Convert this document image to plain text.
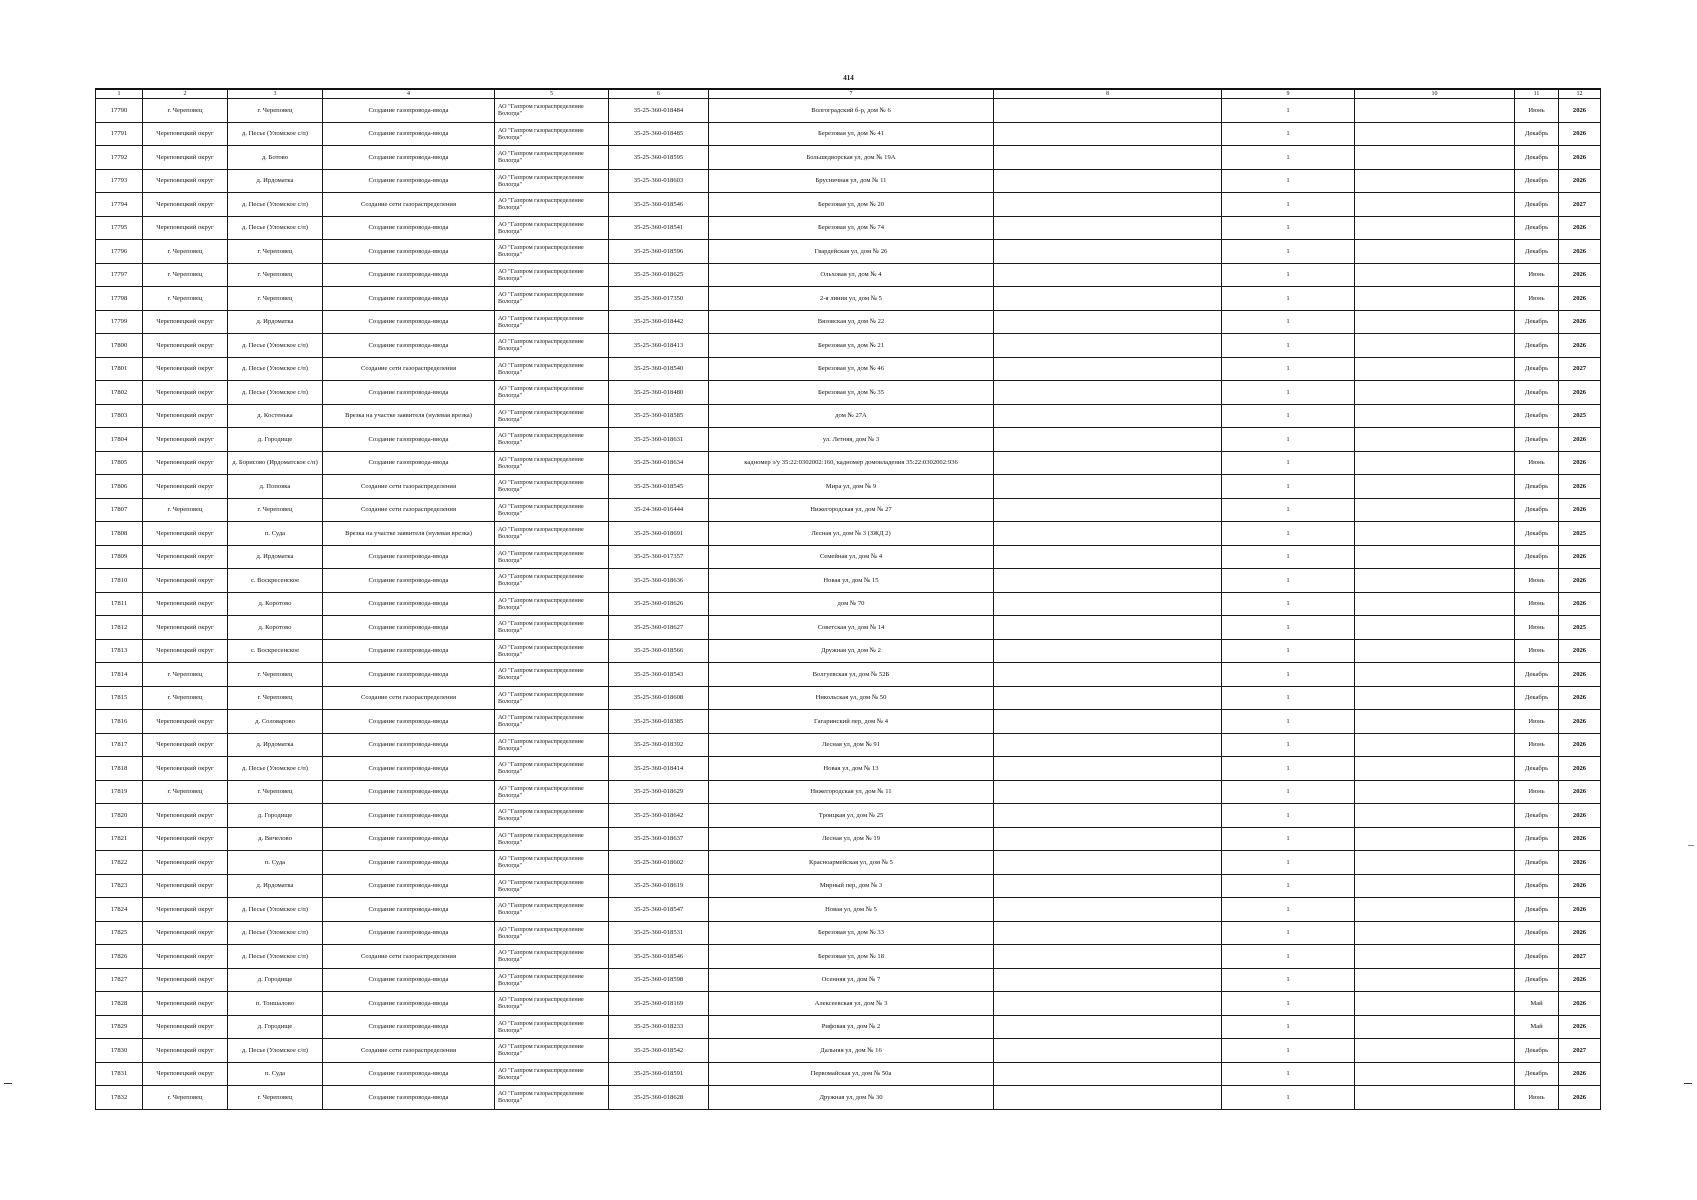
414
1	2	3	4	5	6	7	8	9	10	11	12
17790	г. Череповец	г. Череповец	Создание газопровода-ввода	АО "Газпром газораспределение Вологда"	35-25-360-018484	Волгоградский б-р, дом № 6		1		Июнь	2026
17791	Череповецкий округ	д. Песье (Уломское с/п)	Создание газопровода-ввода	АО "Газпром газораспределение Вологда"	35-25-360-018485	Березовая ул, дом № 41		1		Декабрь	2026
17792	Череповецкий округ	д. Ботово	Создание газопровода-ввода	АО "Газпром газораспределение Вологда"	35-25-360-018595	Большедворская ул, дом № 19А		1		Декабрь	2026
17793	Череповецкий округ	д. Ирдоматка	Создание газопровода-ввода	АО "Газпром газораспределение Вологда"	35-25-360-018603	Брусничная ул, дом № 11		1		Декабрь	2026
17794	Череповецкий округ	д. Песье (Уломское с/п)	Создание сети газораспределения	АО "Газпром газораспределение Вологда"	35-25-360-018546	Березовая ул, дом № 20		1		Декабрь	2027
17795	Череповецкий округ	д. Песье (Уломское с/п)	Создание газопровода-ввода	АО "Газпром газораспределение Вологда"	35-25-360-018541	Березовая ул, дом № 74		1		Декабрь	2026
17796	г. Череповец	г. Череповец	Создание газопровода-ввода	АО "Газпром газораспределение Вологда"	35-25-360-018596	Гвардейская ул, дом № 26		1		Декабрь	2026
17797	г. Череповец	г. Череповец	Создание газопровода-ввода	АО "Газпром газораспределение Вологда"	35-25-360-018625	Ольховая ул, дом № 4		1		Июнь	2026
17798	г. Череповец	г. Череповец	Создание газопровода-ввода	АО "Газпром газораспределение Вологда"	35-25-360-017350	2-я линия ул, дом № 5		1		Июнь	2026
17799	Череповецкий округ	д. Ирдоматка	Создание газопровода-ввода	АО "Газпром газораспределение Вологда"	35-25-360-018442	Вязовская ул, дом № 22		1		Декабрь	2026
17800	Череповецкий округ	д. Песье (Уломское с/п)	Создание газопровода-ввода	АО "Газпром газораспределение Вологда"	35-25-360-018413	Березовая ул, дом № 21		1		Декабрь	2026
17801	Череповецкий округ	д. Песье (Уломское с/п)	Создание сети газораспределения	АО "Газпром газораспределение Вологда"	35-25-360-018540	Березовая ул, дом № 46		1		Декабрь	2027
17802	Череповецкий округ	д. Песье (Уломское с/п)	Создание газопровода-ввода	АО "Газпром газораспределение Вологда"	35-25-360-018480	Березовая ул, дом № 35		1		Декабрь	2026
17803	Череповецкий округ	д. Костенька	Врезка на участке заявителя (нулевая врезка)	АО "Газпром газораспределение Вологда"	35-25-360-018585	дом № 27А		1		Декабрь	2025
17804	Череповецкий округ	д. Городище	Создание газопровода-ввода	АО "Газпром газораспределение Вологда"	35-25-360-018631	ул. Летняя, дом № 3		1		Декабрь	2026
17805	Череповецкий округ	д. Борисово (Ирдоматское с/п)	Создание газопровода-ввода	АО "Газпром газораспределение Вологда"	35-25-360-018634	кадномер з/у 35:22:0302002:160, кадномер домовладения 35:22:0302002:936		1		Июнь	2026
17806	Череповецкий округ	д. Поповка	Создание сети газораспределения	АО "Газпром газораспределение Вологда"	35-25-360-018545	Мира ул, дом № 9		1		Декабрь	2026
17807	г. Череповец	г. Череповец	Создание сети газораспределения	АО "Газпром газораспределение Вологда"	35-24-360-016444	Нижегородская ул, дом № 27		1		Декабрь	2026
17808	Череповецкий округ	п. Суда	Врезка на участке заявителя (нулевая врезка)	АО "Газпром газораспределение Вологда"	35-25-360-018691	Лесная ул, дом № 3 (ЗЖД 2)		1		Декабрь	2025
17809	Череповецкий округ	д. Ирдоматка	Создание газопровода-ввода	АО "Газпром газораспределение Вологда"	35-25-360-017357	Семейная ул, дом № 4		1		Декабрь	2026
17810	Череповецкий округ	с. Воскресенское	Создание газопровода-ввода	АО "Газпром газораспределение Вологда"	35-25-360-018636	Новая ул, дом № 15		1		Июнь	2026
17811	Череповецкий округ	д. Коротово	Создание газопровода-ввода	АО "Газпром газораспределение Вологда"	35-25-360-018626	дом № 70		1		Июнь	2026
17812	Череповецкий округ	д. Коротово	Создание газопровода-ввода	АО "Газпром газораспределение Вологда"	35-25-360-018627	Советская ул, дом № 14		1		Июнь	2025
17813	Череповецкий округ	с. Воскресенское	Создание газопровода-ввода	АО "Газпром газораспределение Вологда"	35-25-360-018566	Дружная ул, дом № 2		1		Июнь	2026
17814	г. Череповец	г. Череповец	Создание газопровода-ввода	АО "Газпром газораспределение Вологда"	35-25-360-018543	Волгуевская ул, дом № 52Б		1		Декабрь	2026
17815	г. Череповец	г. Череповец	Создание сети газораспределения	АО "Газпром газораспределение Вологда"	35-25-360-018608	Никольская ул, дом № 50		1		Декабрь	2026
17816	Череповецкий округ	д. Соловарово	Создание газопровода-ввода	АО "Газпром газораспределение Вологда"	35-25-360-018385	Гагаринский пер, дом № 4		1		Июнь	2026
17817	Череповецкий округ	д. Ирдоматка	Создание газопровода-ввода	АО "Газпром газораспределение Вологда"	35-25-360-018392	Лесная ул, дом № 91		1		Июнь	2026
17818	Череповецкий округ	д. Песье (Уломское с/п)	Создание газопровода-ввода	АО "Газпром газораспределение Вологда"	35-25-360-018414	Новая ул, дом № 13		1		Декабрь	2026
17819	г. Череповец	г. Череповец	Создание газопровода-ввода	АО "Газпром газораспределение Вологда"	35-25-360-018629	Нижегородская ул, дом № 11		1		Июнь	2026
17820	Череповецкий округ	д. Городище	Создание газопровода-ввода	АО "Газпром газораспределение Вологда"	35-25-360-018642	Троицкая ул, дом № 25		1		Декабрь	2026
17821	Череповецкий округ	д. Вичелово	Создание газопровода-ввода	АО "Газпром газораспределение Вологда"	35-25-360-018637	Лесная ул, дом № 19		1		Декабрь	2026
17822	Череповецкий округ	п. Суда	Создание газопровода-ввода	АО "Газпром газораспределение Вологда"	35-25-360-018602	Красноармейская ул, дом № 5		1		Декабрь	2026
17823	Череповецкий округ	д. Ирдоматка	Создание газопровода-ввода	АО "Газпром газораспределение Вологда"	35-25-360-018619	Мирный пер, дом № 3		1		Декабрь	2026
17824	Череповецкий округ	д. Песье (Уломское с/п)	Создание газопровода-ввода	АО "Газпром газораспределение Вологда"	35-25-360-018547	Новая ул, дом № 5		1		Декабрь	2026
17825	Череповецкий округ	д. Песье (Уломское с/п)	Создание газопровода-ввода	АО "Газпром газораспределение Вологда"	35-25-360-018531	Березовая ул, дом № 33		1		Декабрь	2026
17826	Череповецкий округ	д. Песье (Уломское с/п)	Создание сети газораспределения	АО "Газпром газораспределение Вологда"	35-25-360-018546	Березовая ул, дом № 18		1		Декабрь	2027
17827	Череповецкий округ	д. Городище	Создание газопровода-ввода	АО "Газпром газораспределение Вологда"	35-25-360-018598	Осенняя ул, дом № 7		1		Декабрь	2026
17828	Череповецкий округ	п. Тоншалово	Создание газопровода-ввода	АО "Газпром газораспределение Вологда"	35-25-360-018169	Алексеевская ул, дом № 3		1		Май	2026
17829	Череповецкий округ	д. Городище	Создание газопровода-ввода	АО "Газпром газораспределение Вологда"	35-25-360-018233	Рифовая ул, дом № 2		1		Май	2026
17830	Череповецкий округ	д. Песье (Уломское с/п)	Создание сети газораспределения	АО "Газпром газораспределение Вологда"	35-25-360-018542	Дальняя ул, дом № 16		1		Декабрь	2027
17831	Череповецкий округ	п. Суда	Создание газопровода-ввода	АО "Газпром газораспределение Вологда"	35-25-360-018591	Первомайская ул, дом № 50а		1		Декабрь	2026
17832	г. Череповец	г. Череповец	Создание газопровода-ввода	АО "Газпром газораспределение Вологда"	35-25-360-018628	Дружная ул, дом № 30		1		Июнь	2026
